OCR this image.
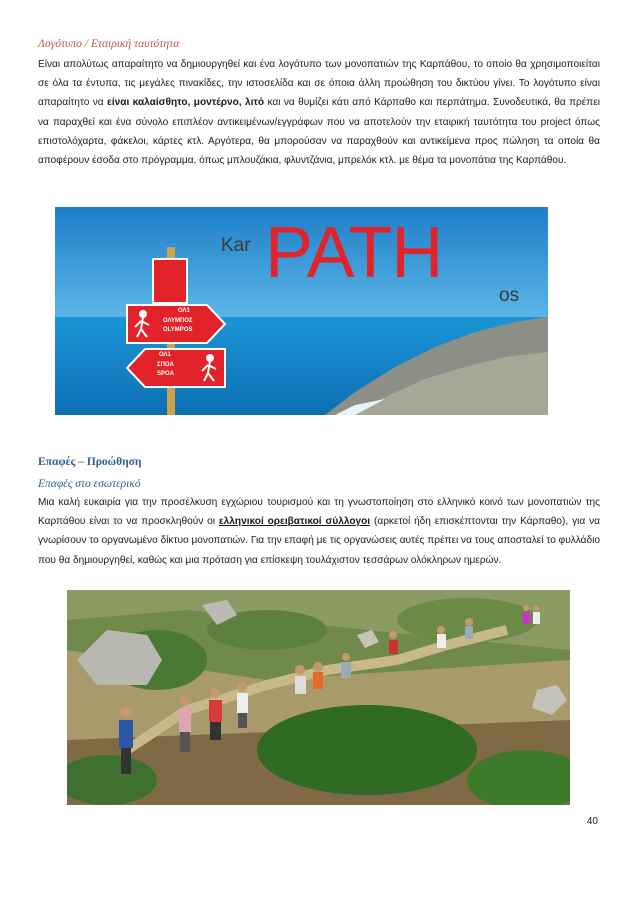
Λογότυπο / Εταιρική ταυτότητα

Είναι απολύτως απαραίτητο να δημιουργηθεί και ένα λογότυπο των μονοπατιών της Καρπάθου, το οποίο θα χρησιμοποιείται σε όλα τα έντυπα, τις μεγάλες πινακίδες, την ιστοσελίδα και σε όποια άλλη προώθηση του δικτύου γίνει. Το λογότυπο είναι απαραίτητο να είναι καλαίσθητο, μοντέρνο, λιτό και να θυμίζει κάτι από Κάρπαθο και περπάτημα. Συνοδευτικά, θα πρέπει να παραχθεί και ένα σύνολο επιπλέον αντικειμένων/εγγράφων που να αποτελούν την εταιρική ταυτότητα του project όπως επιστολόχαρτα, φάκελοι, κάρτες κτλ. Αργότερα, θα μπορούσαν να παραχθούν και αντικείμενα προς πώληση τα οποία θα αποφέρουν έσοδα στο πρόγραμμα, όπως μπλουζάκια, φλυντζάνια, μπρελόκ κτλ. με θέμα τα μονοπάτια της Καρπάθου.

ΟΛ1
ΟΛΥΜΠΟΣ
OLYMPOS
ΟΛ1
ΣΠΟΑ
SPOA
Kar PATH
os
Επαφές – Προώθηση
Επαφές στο εσωτερικό

Μια καλή ευκαιρία για την προσέλκυση εγχώριου τουρισμού και τη γνωστοποίηση στο ελληνικό κοινό των μονοπατιών της Καρπάθου είναι το να προσκληθούν οι ελληνικοί ορειβατικοί σύλλογοι (αρκετοί ήδη επισκέπτονται την Κάρπαθο), για να γνωρίσουν το οργανωμένο δίκτυο μονοπατιών. Για την επαφή με τις οργανώσεις αυτές πρέπει να τους αποσταλεί το φυλλάδιο που θα δημιουργηθεί, καθώς και μια πρόταση για επίσκεψη τουλάχιστον τεσσάρων ολόκληρων ημερών.

40
